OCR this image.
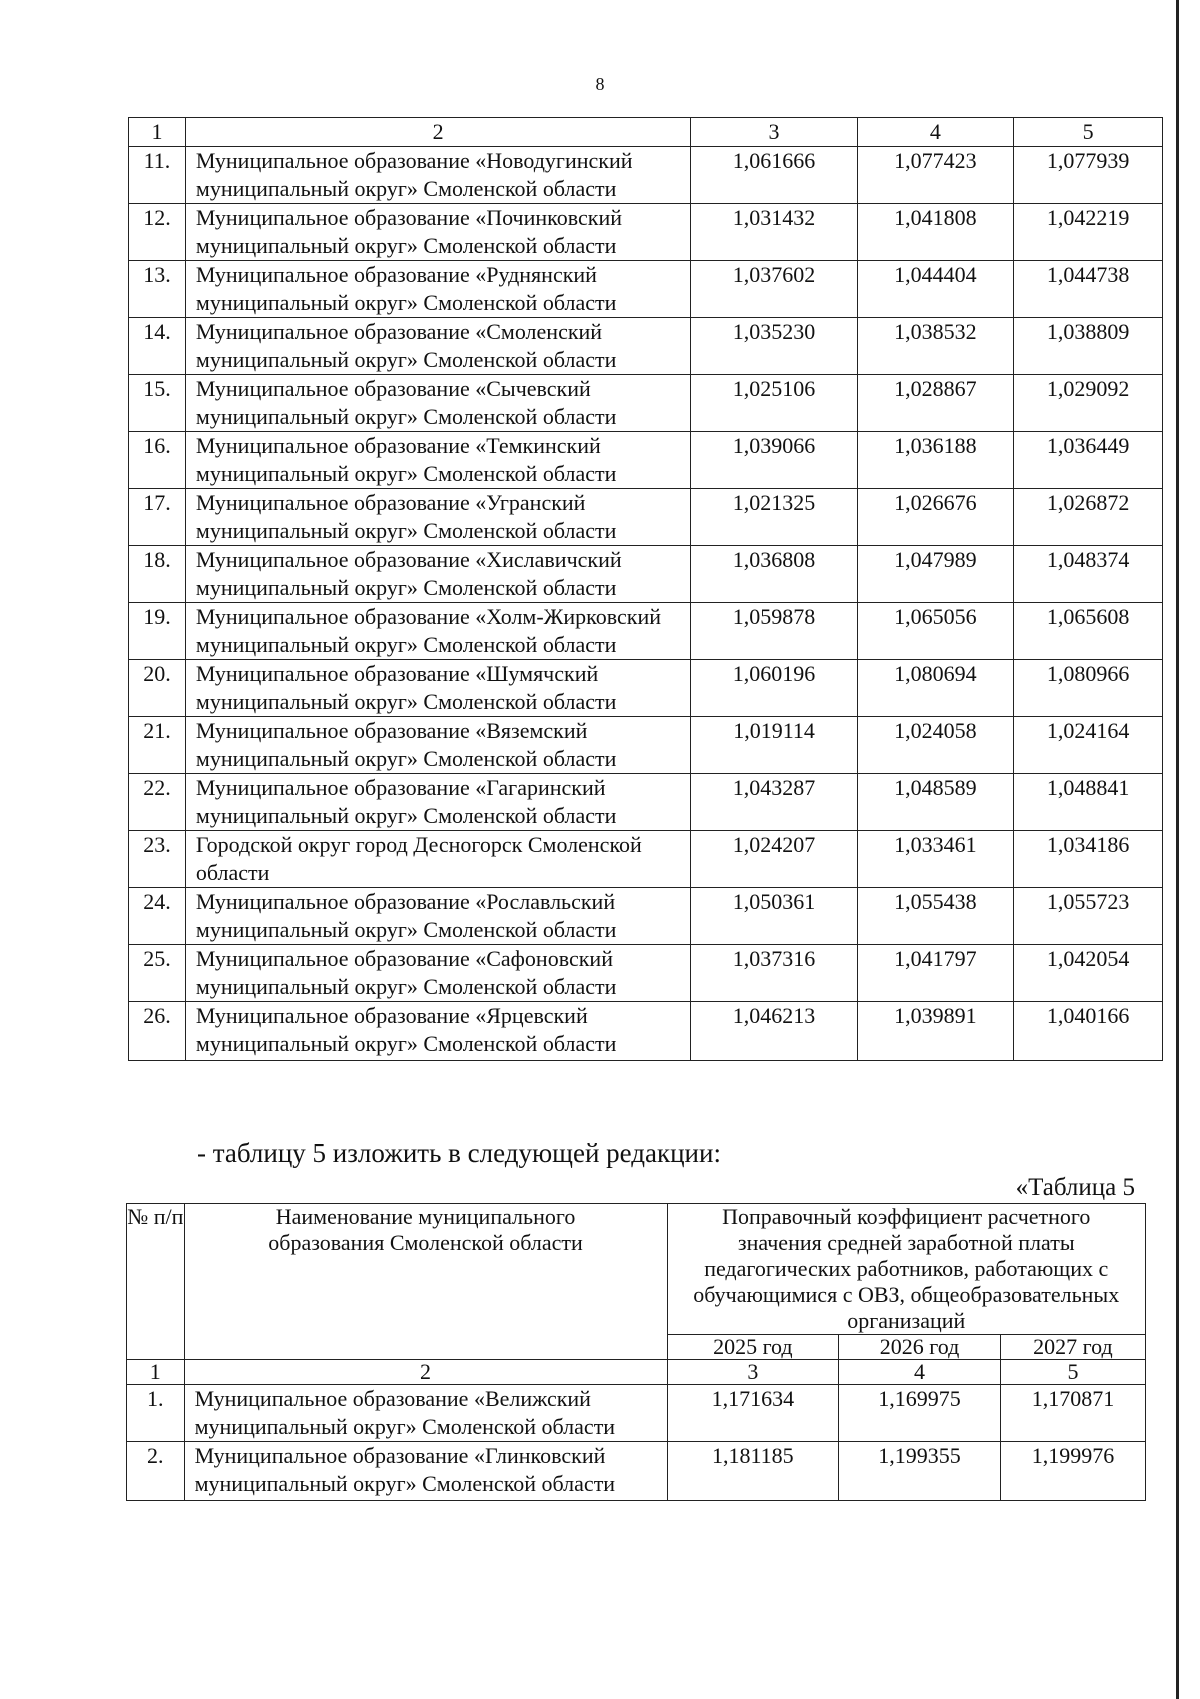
8
1	2	3	4	5
11.	Муниципальное образование «Новодугинский муниципальный округ» Смоленской области	1,061666	1,077423	1,077939
12.	Муниципальное образование «Починковский муниципальный округ» Смоленской области	1,031432	1,041808	1,042219
13.	Муниципальное образование «Руднянский муниципальный округ» Смоленской области	1,037602	1,044404	1,044738
14.	Муниципальное образование «Смоленский муниципальный округ» Смоленской области	1,035230	1,038532	1,038809
15.	Муниципальное образование «Сычевский муниципальный округ» Смоленской области	1,025106	1,028867	1,029092
16.	Муниципальное образование «Темкинский муниципальный округ» Смоленской области	1,039066	1,036188	1,036449
17.	Муниципальное образование «Угранский муниципальный округ» Смоленской области	1,021325	1,026676	1,026872
18.	Муниципальное образование «Хиславичский муниципальный округ» Смоленской области	1,036808	1,047989	1,048374
19.	Муниципальное образование «Холм-Жирковский муниципальный округ» Смоленской области	1,059878	1,065056	1,065608
20.	Муниципальное образование «Шумячский муниципальный округ» Смоленской области	1,060196	1,080694	1,080966
21.	Муниципальное образование «Вяземский муниципальный округ» Смоленской области	1,019114	1,024058	1,024164
22.	Муниципальное образование «Гагаринский муниципальный округ» Смоленской области	1,043287	1,048589	1,048841
23.	Городской округ город Десногорск Смоленской области	1,024207	1,033461	1,034186
24.	Муниципальное образование «Рославльский муниципальный округ» Смоленской области	1,050361	1,055438	1,055723
25.	Муниципальное образование «Сафоновский муниципальный округ» Смоленской области	1,037316	1,041797	1,042054
26.	Муниципальное образование «Ярцевский муниципальный округ» Смоленской области	1,046213	1,039891	1,040166
- таблицу 5 изложить в следующей редакции:
«Таблица 5
№ п/п	Наименование муниципального образования Смоленской области	Поправочный коэффициент расчетного значения средней заработной платы педагогических работников, работающих с обучающимися с ОВЗ, общеобразовательных организаций		
		2025 год	2026 год	2027 год
1	2	3	4	5
1.	Муниципальное образование «Велижский муниципальный округ» Смоленской области	1,171634	1,169975	1,170871
2.	Муниципальное образование «Глинковский муниципальный округ» Смоленской области	1,181185	1,199355	1,199976
